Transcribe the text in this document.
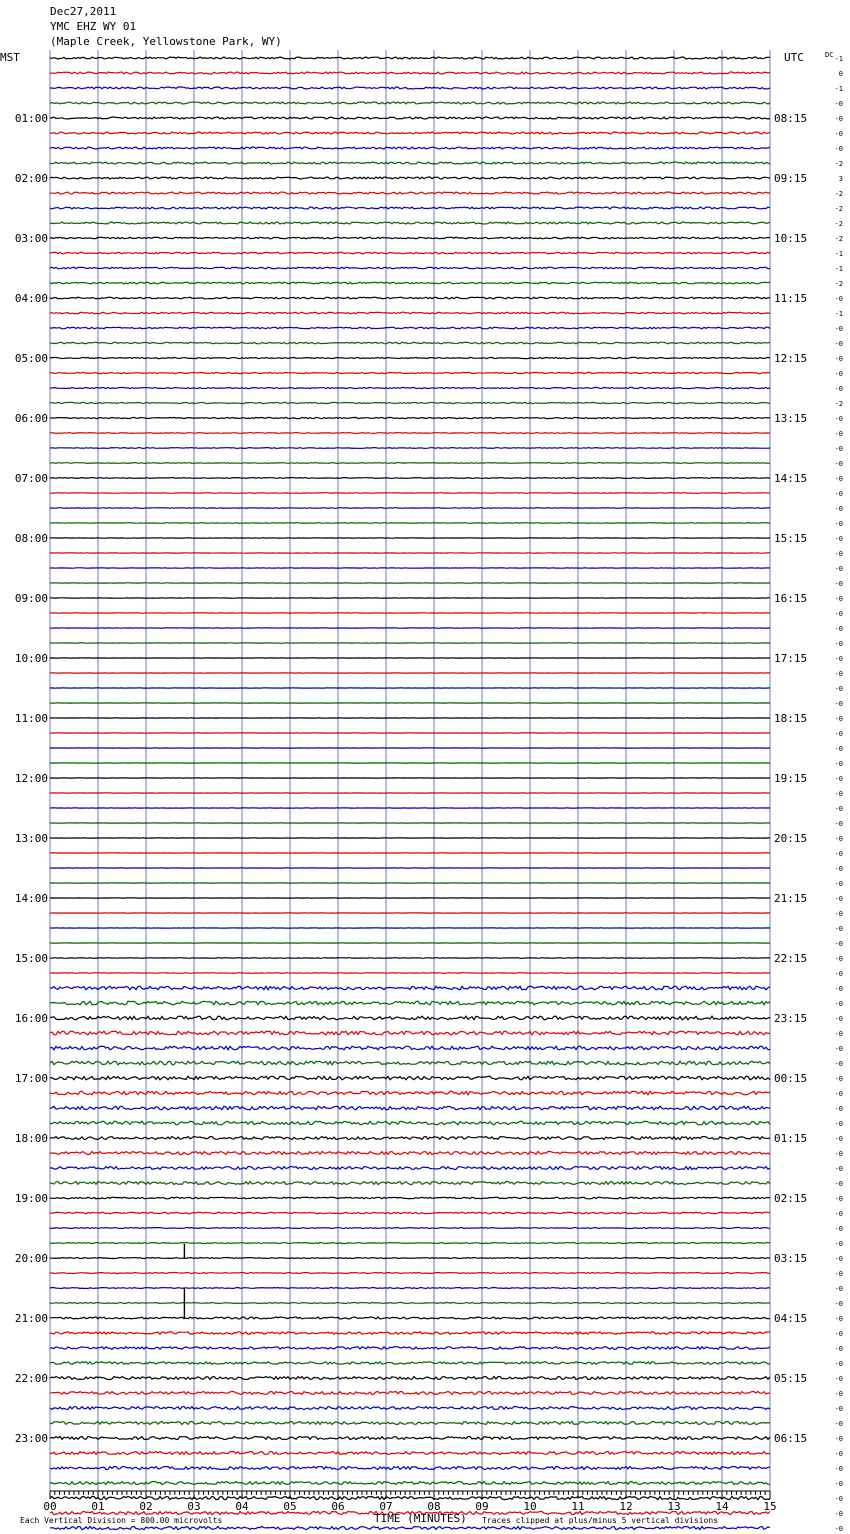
Dec27,2011
YMC EHZ WY 01
(Maple Creek, Yellowstone Park, WY)
MST	UTC	DC
01:00
02:00
03:00
04:00
05:00
06:00
07:00
08:00
09:00
10:00
11:00
12:00
13:00
14:00
15:00
16:00
17:00
18:00
19:00
20:00
21:00
22:00
23:00
08:15
09:15
10:15
11:15
12:15
13:15
14:15
15:15
16:15
17:15
18:15
19:15
20:15
21:15
22:15
23:15
00:15
01:15
02:15
03:15
04:15
05:15
06:15
-1
0
-1
-0
-0
-0
-0
-2
3
-2
-2
-2
-2
-1
-1
-2
-0
-1
-0
-0
-0
-0
-0
-2
-0
-0
-0
-0
-0
-0
-0
-0
-0
-0
-0
-0
-0
-0
-0
-0
-0
-0
-0
-0
-0
-0
-0
-0
-0
-0
-0
-0
-0
-0
-0
-0
-0
-0
-0
-0
-0
-0
-0
-0
-0
-0
-0
-0
-0
-0
-0
-0
-0
-0
-0
-0
-0
-0
-0
-0
-0
-0
-0
-0
-0
-0
-0
-0
-0
-0
-0
-0
-0
-0
-0
-0
-0
-0
-0
00	01	02	03	04	05	06	07	08	09	10	11	12	13	14	15
Each Vertical Division = 800.00 microvolts	TIME (MINUTES) Traces clipped at plus/minus 5 vertical divisions
